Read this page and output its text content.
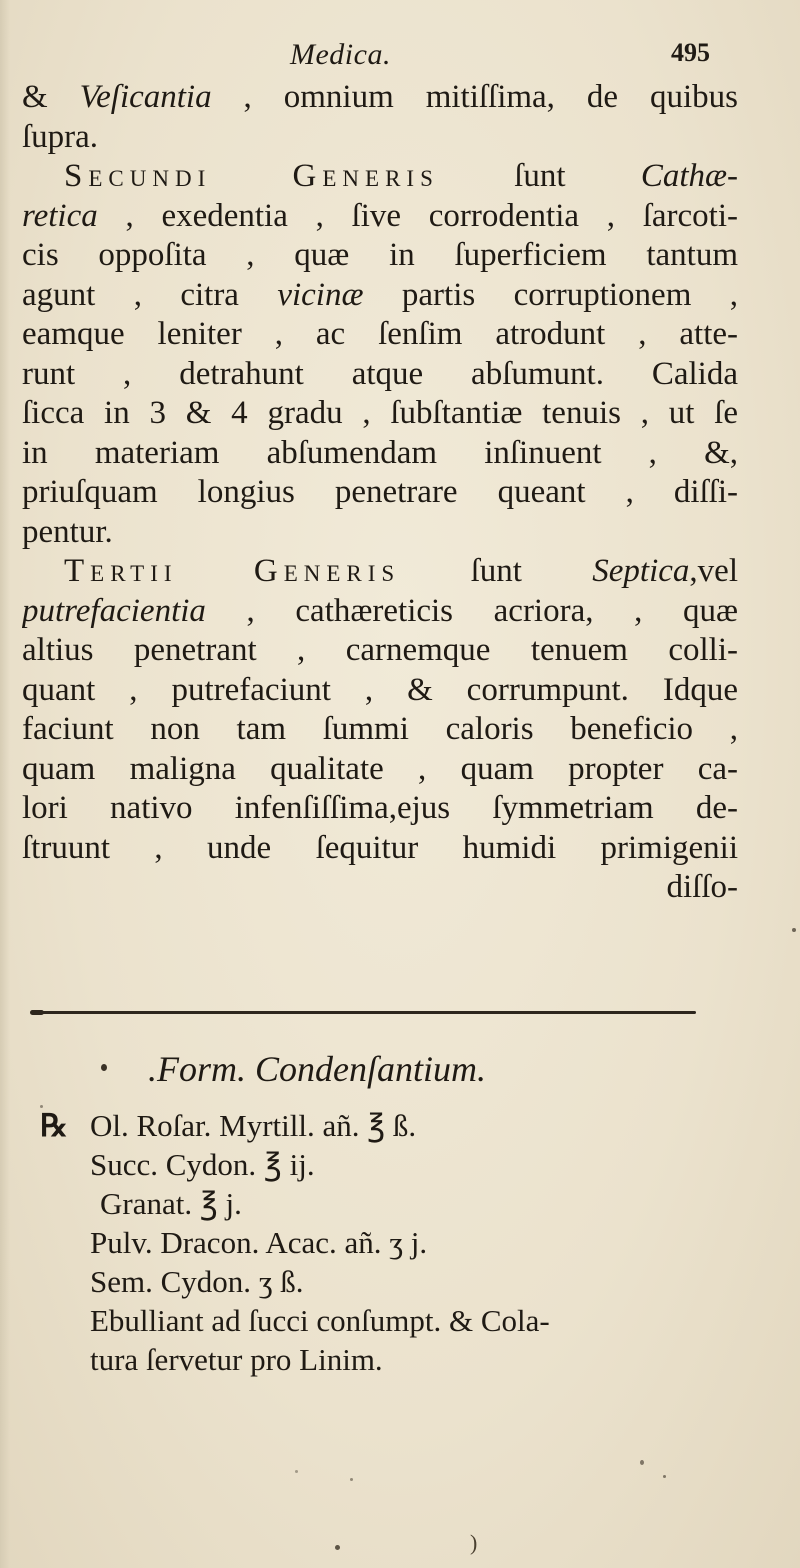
Medica.	495
& Veſicantia , omnium mitiſſima, de quibus
ſupra.
Secundi Generis ſunt Cathæ-
retica , exedentia , ſive corrodentia , ſarcoti-
cis oppoſita , quæ in ſuperficiem tantum
agunt , citra vicinæ partis corruptionem ,
eamque leniter , ac ſenſim atrodunt , atte-
runt , detrahunt atque abſumunt. Calida
ſicca in 3 & 4 gradu , ſubſtantiæ tenuis , ut ſe
in materiam abſumendam inſinuent , &,
priuſquam longius penetrare queant , diſſi-
pentur.
Tertii Generis ſunt Septica,vel
putrefacientia , cathæreticis acriora, , quæ
altius penetrant , carnemque tenuem colli-
quant , putrefaciunt , & corrumpunt. Idque
faciunt non tam ſummi caloris beneficio ,
quam maligna qualitate , quam propter ca-
lori nativo infenſiſſima,ejus ſymmetriam de-
ſtruunt , unde ſequitur humidi primigenii
diſſo-
.Form. Condenſantium.
℞ Ol. Roſar. Myrtill. añ. ℥ ß.
Succ. Cydon. ℥ ij.
Granat. ℥ j.
Pulv. Dracon. Acac. añ. ʒ j.
Sem. Cydon. ʒ ß.
Ebulliant ad ſucci conſumpt. & Cola-
tura ſervetur pro Linim.
)
